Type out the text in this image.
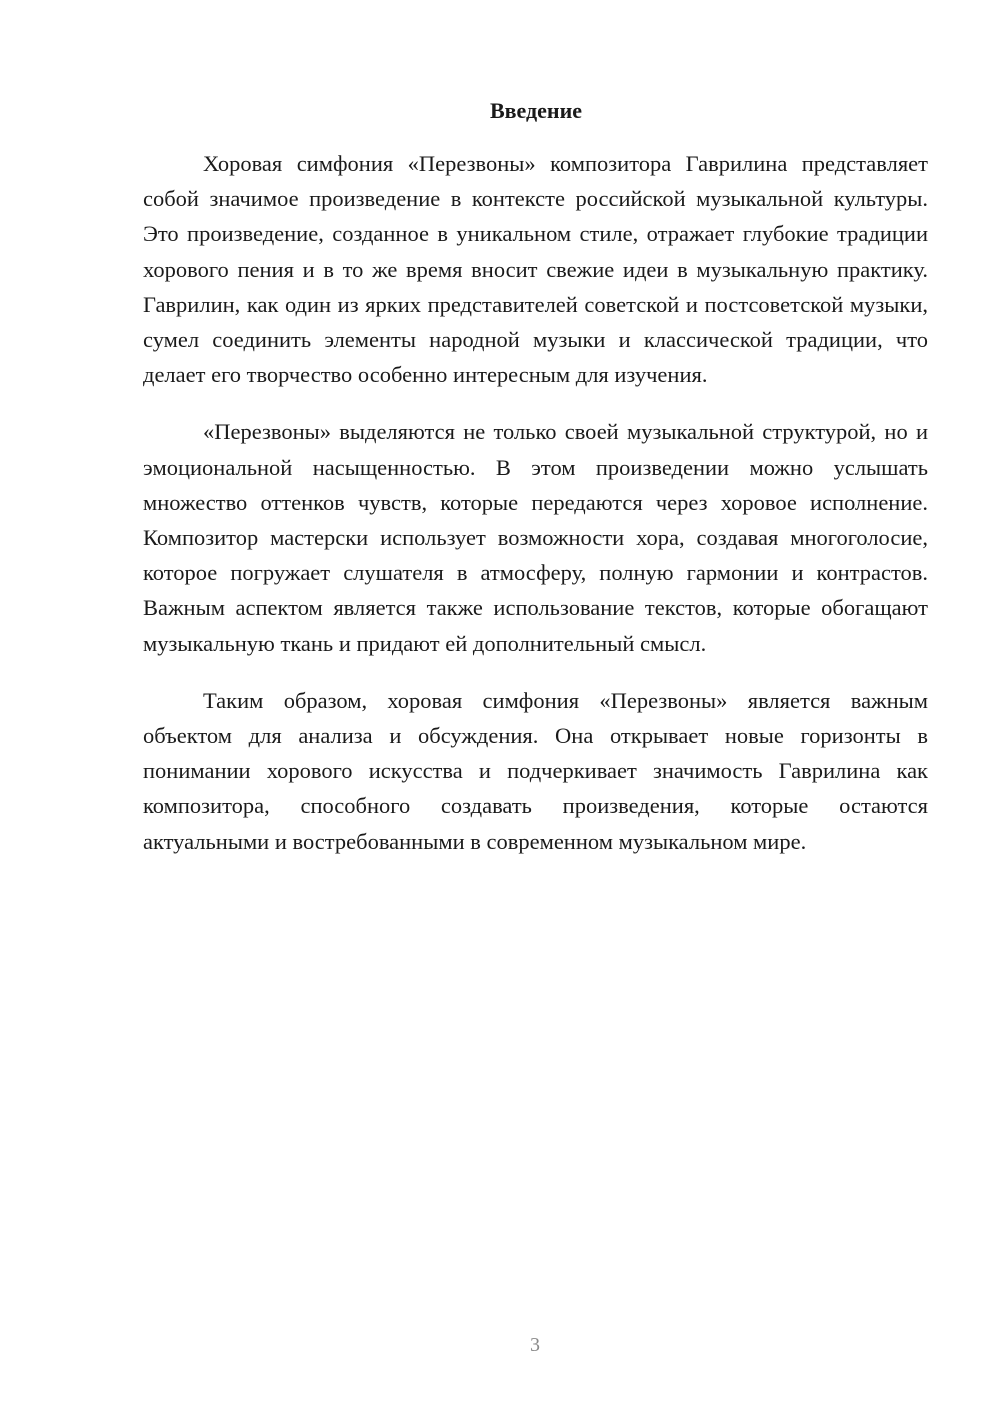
Введение

Хоровая симфония «Перезвоны» композитора Гаврилина представляет собой значимое произведение в контексте российской музыкальной культуры. Это произведение, созданное в уникальном стиле, отражает глубокие традиции хорового пения и в то же время вносит свежие идеи в музыкальную практику. Гаврилин, как один из ярких представителей советской и постсоветской музыки, сумел соединить элементы народной музыки и классической традиции, что делает его творчество особенно интересным для изучения.

«Перезвоны» выделяются не только своей музыкальной структурой, но и эмоциональной насыщенностью. В этом произведении можно услышать множество оттенков чувств, которые передаются через хоровое исполнение. Композитор мастерски использует возможности хора, создавая многоголосие, которое погружает слушателя в атмосферу, полную гармонии и контрастов. Важным аспектом является также использование текстов, которые обогащают музыкальную ткань и придают ей дополнительный смысл.

Таким образом, хоровая симфония «Перезвоны» является важным объектом для анализа и обсуждения. Она открывает новые горизонты в понимании хорового искусства и подчеркивает значимость Гаврилина как композитора, способного создавать произведения, которые остаются актуальными и востребованными в современном музыкальном мире.

3
